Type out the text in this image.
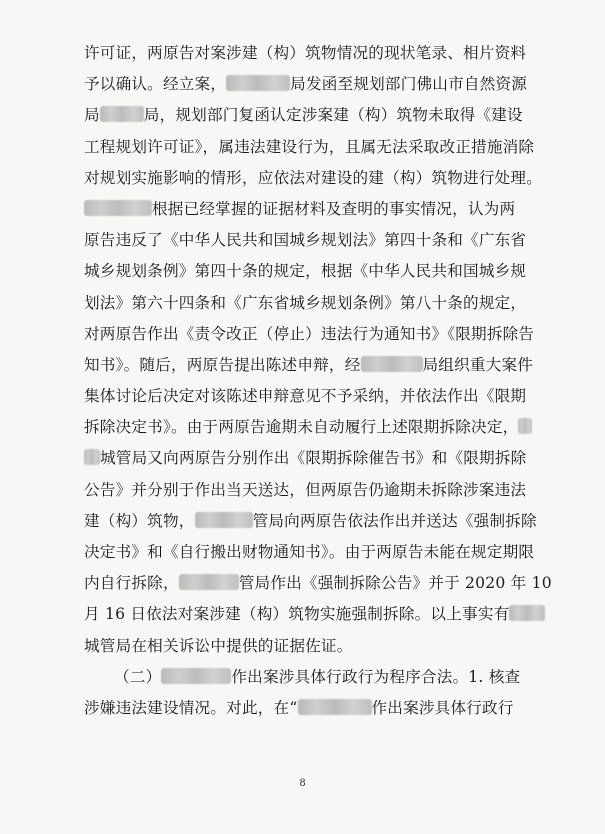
许可证，两原告对案涉建（构）筑物情况的现状笔录、相片资料
予以确认。经立案，	局发函至规划部门佛山市自然资源
局	局，规划部门复函认定涉案建（构）筑物未取得《建设
工程规划许可证》，属违法建设行为，且属无法采取改正措施消除
对规划实施影响的情形，应依法对建设的建（构）筑物进行处理。
根据已经掌握的证据材料及查明的事实情况，认为两
原告违反了《中华人民共和国城乡规划法》第四十条和《广东省
城乡规划条例》第四十条的规定，根据《中华人民共和国城乡规
划法》第六十四条和《广东省城乡规划条例》第八十条的规定，
对两原告作出《责令改正（停止）违法行为通知书》《限期拆除告
知书》。随后，两原告提出陈述申辩，经	局组织重大案件
集体讨论后决定对该陈述申辩意见不予采纳，并依法作出《限期
拆除决定书》。由于两原告逾期未自动履行上述限期拆除决定，
城管局又向两原告分别作出《限期拆除催告书》和《限期拆除
公告》并分别于作出当天送达，但两原告仍逾期未拆除涉案违法
建（构）筑物，	管局向两原告依法作出并送达《强制拆除
决定书》和《自行搬出财物通知书》。由于两原告未能在规定期限
内自行拆除，	管局作出《强制拆除公告》并于 2020 年 10
月 16 日依法对案涉建（构）筑物实施强制拆除。以上事实有
城管局在相关诉讼中提供的证据佐证。
（二）	作出案涉具体行政行为程序合法。1. 核查
涉嫌违法建设情况。对此，在“	作出案涉具体行政行
8
